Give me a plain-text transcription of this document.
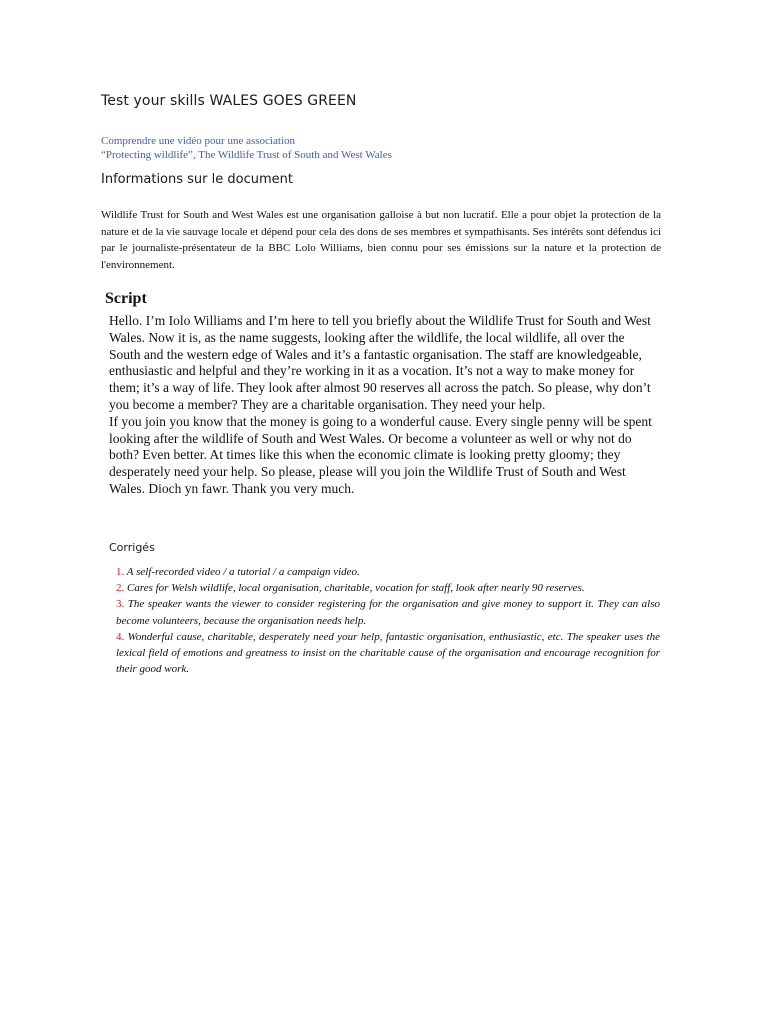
Test your skills WALES GOES GREEN
Comprendre une vidéo pour une association
“Protecting wildlife”, The Wildlife Trust of South and West Wales
Informations sur le document
Wildlife Trust for South and West Wales est une organisation galloise à but non lucratif. Elle a pour objet la protection de la nature et de la vie sauvage locale et dépend pour cela des dons de ses membres et sympathisants. Ses intérêts sont défendus ici par le journaliste-présentateur de la BBC Lolo Williams, bien connu pour ses émissions sur la nature et la protection de l'environnement.
Script

Hello. I’m Iolo Williams and I’m here to tell you briefly about the Wildlife Trust for South and West Wales. Now it is, as the name suggests, looking after the wildlife, the local wildlife, all over the South and the western edge of Wales and it’s a fantastic organisation. The staff are knowledgeable, enthusiastic and helpful and they’re working in it as a vocation. It’s not a way to make money for them; it’s a way of life. They look after almost 90 reserves all across the patch. So please, why don’t you become a member? They are a charitable organisation. They need your help.

If you join you know that the money is going to a wonderful cause. Every single penny will be spent looking after the wildlife of South and West Wales. Or become a volunteer as well or why not do both? Even better. At times like this when the economic climate is looking pretty gloomy; they desperately need your help. So please, please will you join the Wildlife Trust of South and West Wales. Dioch yn fawr. Thank you very much.

Corrigés
1. A self-recorded video / a tutorial / a campaign video.
2. Cares for Welsh wildlife, local organisation, charitable, vocation for staff, look after nearly 90 reserves.
3. The speaker wants the viewer to consider registering for the organisation and give money to support it. They can also become volunteers, because the organisation needs help.
4. Wonderful cause, charitable, desperately need your help, fantastic organisation, enthusiastic, etc. The speaker uses the lexical field of emotions and greatness to insist on the charitable cause of the organisation and encourage recognition for their good work.
